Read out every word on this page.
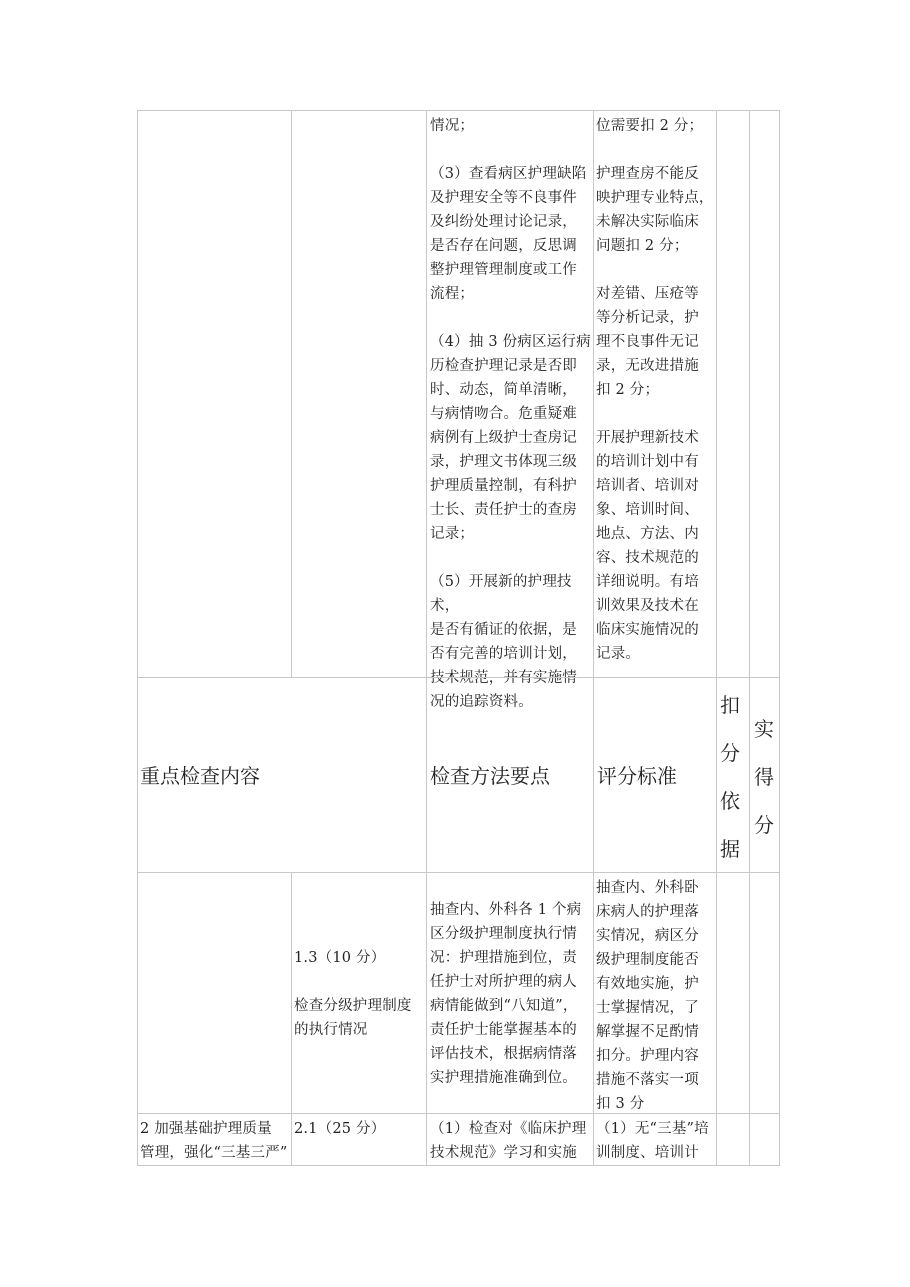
情况；

（3）查看病区护理缺陷
及护理安全等不良事件
及纠纷处理讨论记录，
是否存在问题，反思调
整护理管理制度或工作
流程；

（4）抽 3 份病区运行病
历检查护理记录是否即
时、动态，简单清晰，
与病情吻合。危重疑难
病例有上级护士查房记
录，护理文书体现三级
护理质量控制，有科护
士长、责任护士的查房
记录；

（5）开展新的护理技术，
是否有循证的依据，是
否有完善的培训计划，
技术规范，并有实施情
况的追踪资料。
位需要扣 2 分；

护理查房不能反
映护理专业特点，
未解决实际临床
问题扣 2 分；

对差错、压疮等
等分析记录，护
理不良事件无记
录，无改进措施
扣 2 分；

开展护理新技术
的培训计划中有
培训者、培训对
象、培训时间、
地点、方法、内
容、技术规范的
详细说明。有培
训效果及技术在
临床实施情况的
记录。
重点检查内容	检查方法要点 评分标准
扣
分
依
据
实
得
分
1.3（10 分）
检查分级护理制度
的执行情况
抽查内、外科各 1 个病
区分级护理制度执行情
况：护理措施到位，责
任护士对所护理的病人
病情能做到“八知道”，
责任护士能掌握基本的
评估技术，根据病情落
实护理措施准确到位。
抽查内、外科卧
床病人的护理落
实情况，病区分
级护理制度能否
有效地实施，护
士掌握情况，了
解掌握不足酌情
扣分。护理内容
措施不落实一项
扣 3 分
2 加强基础护理质量
管理，强化“三基三严”
2.1（25 分）	（1）检查对《临床护理
技术规范》学习和实施
（1）无“三基”培
训制度、培训计
